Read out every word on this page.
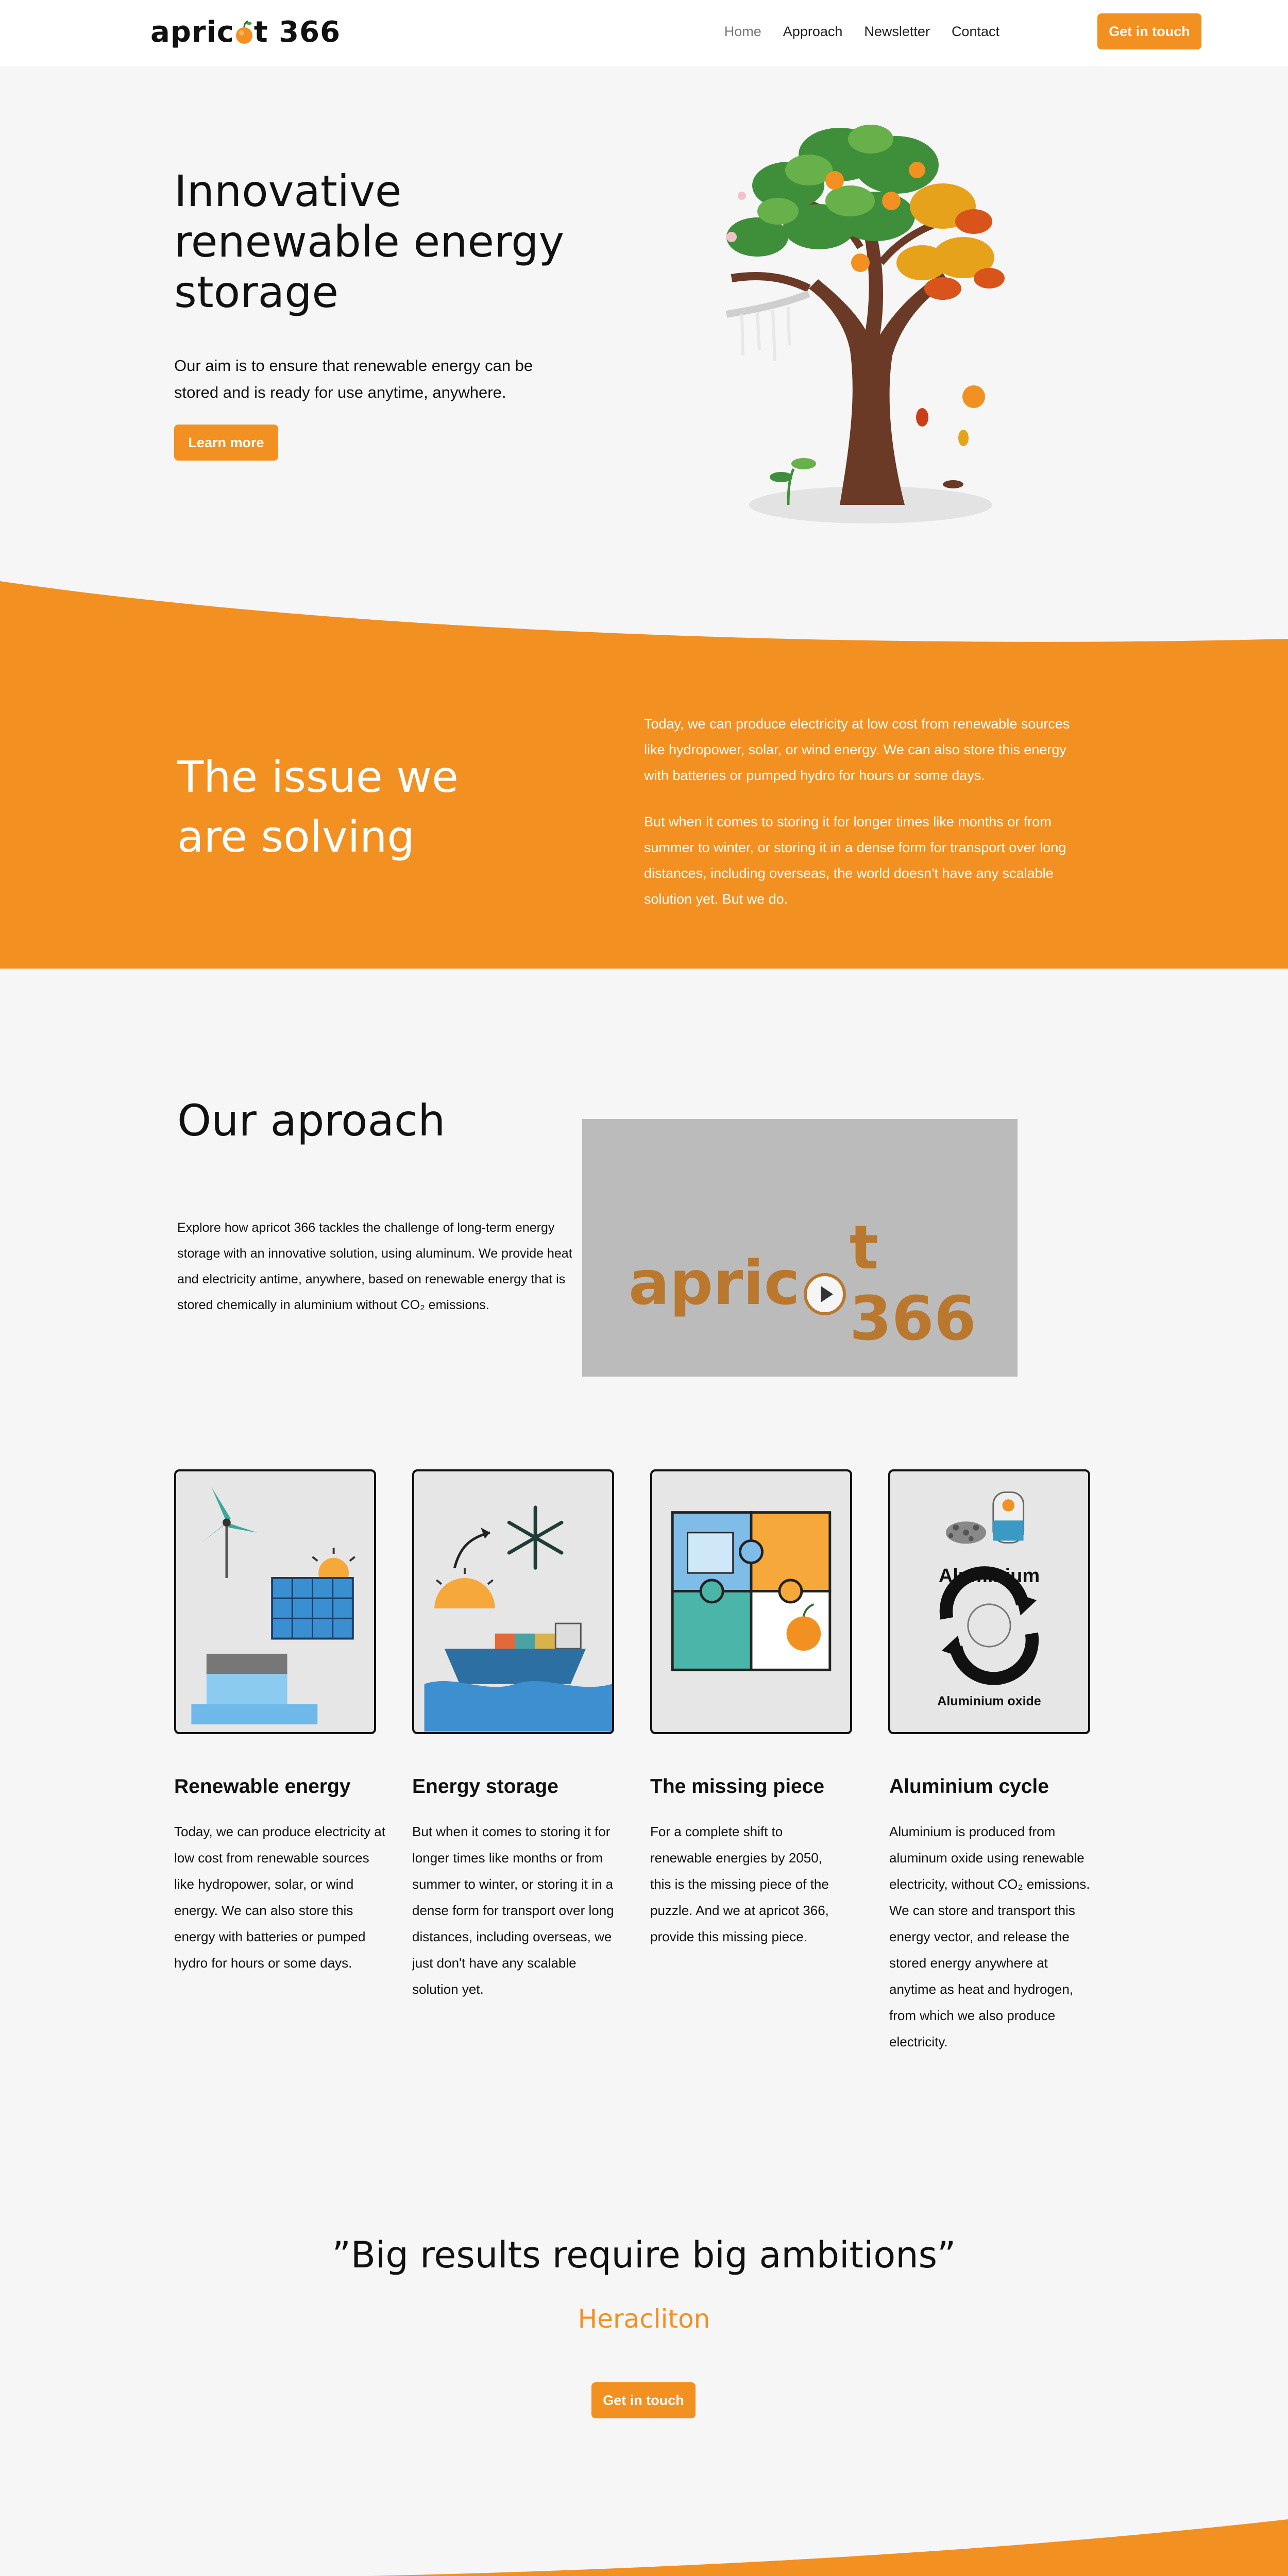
apric t 366	Home Approach Newsletter Contact	Get in touch
Innovative renewable energy storage

Our aim is to ensure that renewable energy can be stored and is ready for use anytime, anywhere.

Learn more
The issue we are solving

Today, we can produce electricity at low cost from renewable sources like hydropower, solar, or wind energy. We can also store this energy with batteries or pumped hydro for hours or some days.

But when it comes to storing it for longer times like months or from summer to winter, or storing it in a dense form for transport over long distances, including overseas, the world doesn't have any scalable solution yet. But we do.

Our aproach

Explore how apricot 366 tackles the challenge of long-term energy storage with an innovative solution, using aluminum. We provide heat and electricity antime, anywhere, based on renewable energy that is stored chemically in aluminium without CO₂ emissions.	apric t 366
Aluminium
Aluminium oxide
Renewable energy	Energy storage	The missing piece	Aluminium cycle

Today, we can produce electricity at low cost from renewable sources like hydropower, solar, or wind energy. We can also store this energy with batteries or pumped hydro for hours or some days.

But when it comes to storing it for longer times like months or from summer to winter, or storing it in a dense form for transport over long distances, including overseas, we just don't have any scalable solution yet.

For a complete shift to renewable energies by 2050, this is the missing piece of the puzzle. And we at apricot 366, provide this missing piece.

Aluminium is produced from aluminum oxide using renewable electricity, without CO₂ emissions. We can store and transport this energy vector, and release the stored energy anywhere at anytime as heat and hydrogen, from which we also produce electricity.

”Big results require big ambitions”
Heracliton
Get in touch
